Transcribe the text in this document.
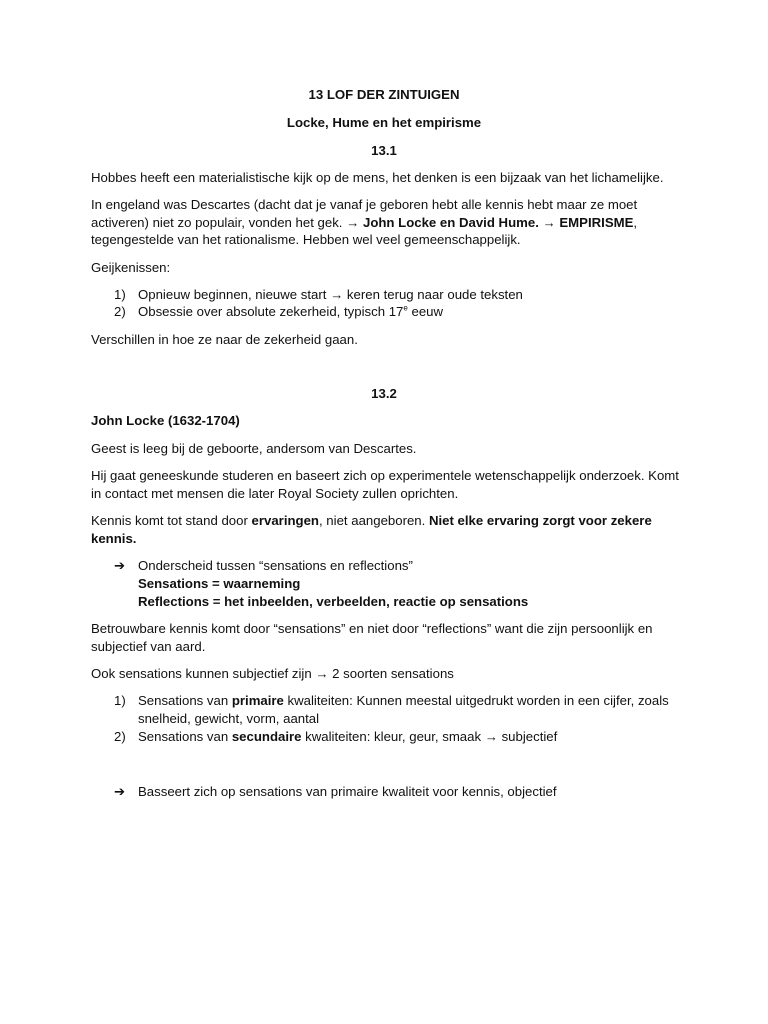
13 LOF DER ZINTUIGEN
Locke, Hume en het empirisme
13.1

Hobbes heeft een materialistische kijk op de mens, het denken is een bijzaak van het lichamelijke.

In engeland was Descartes (dacht dat je vanaf je geboren hebt alle kennis hebt maar ze moet activeren) niet zo populair, vonden het gek. → John Locke en David Hume. → EMPIRISME, tegengestelde van het rationalisme. Hebben wel veel gemeenschappelijk.

Geijkenissen:

1) Opnieuw beginnen, nieuwe start → keren terug naar oude teksten
2) Obsessie over absolute zekerheid, typisch 17e eeuw

Verschillen in hoe ze naar de zekerheid gaan.

13.2

John Locke (1632-1704)

Geest is leeg bij de geboorte, andersom van Descartes.

Hij gaat geneeskunde studeren en baseert zich op experimentele wetenschappelijk onderzoek. Komt in contact met mensen die later Royal Society zullen oprichten.

Kennis komt tot stand door ervaringen, niet aangeboren. Niet elke ervaring zorgt voor zekere kennis.

➔ Onderscheid tussen “sensations en reflections”
Sensations = waarneming
Reflections = het inbeelden, verbeelden, reactie op sensations

Betrouwbare kennis komt door “sensations” en niet door “reflections” want die zijn persoonlijk en subjectief van aard.

Ook sensations kunnen subjectief zijn → 2 soorten sensations

1) Sensations van primaire kwaliteiten: Kunnen meestal uitgedrukt worden in een cijfer, zoals snelheid, gewicht, vorm, aantal
2) Sensations van secundaire kwaliteiten: kleur, geur, smaak → subjectief
➔ Basseert zich op sensations van primaire kwaliteit voor kennis, objectief
